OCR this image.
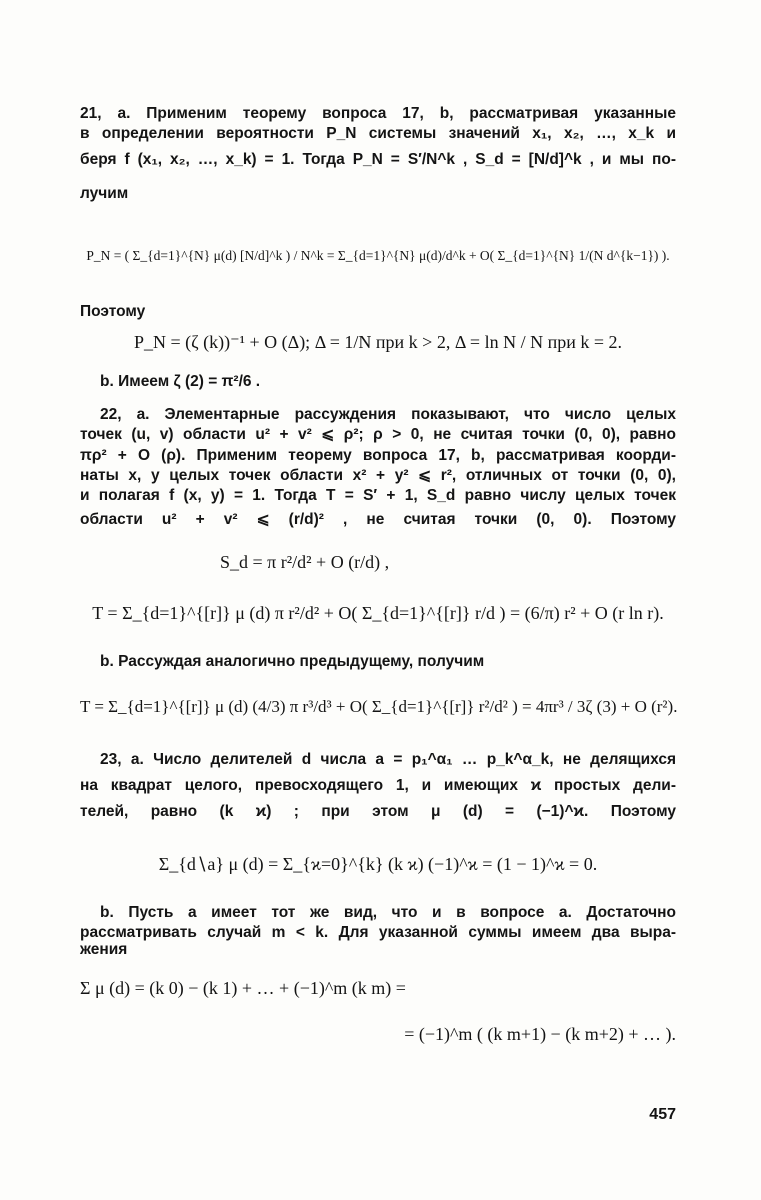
21, a. Применим теорему вопроса 17, b, рассматривая указанные
в определении вероятности P_N системы значений x₁, x₂, …, x_k и
беря f (x₁, x₂, …, x_k) = 1. Тогда P_N = S′/N^k , S_d = [N/d]^k , и мы по-
лучим
P_N = ( Σ_{d=1}^{N} μ(d) [N/d]^k ) / N^k = Σ_{d=1}^{N} μ(d)/d^k + O( Σ_{d=1}^{N} 1/(N d^{k−1}) ).
Поэтому
P_N = (ζ (k))⁻¹ + O (Δ); Δ = 1/N при k > 2, Δ = ln N / N при k = 2.
b. Имеем ζ (2) = π²/6 .
22, a. Элементарные рассуждения показывают, что число целых
точек (u, v) области u² + v² ⩽ ρ²; ρ > 0, не считая точки (0, 0), равно
πρ² + O (ρ). Применим теорему вопроса 17, b, рассматривая коорди-
наты x, y целых точек области x² + y² ⩽ r², отличных от точки (0, 0),
и полагая f (x, y) = 1. Тогда T = S′ + 1, S_d равно числу целых точек
области u² + v² ⩽ (r/d)² , не считая точки (0, 0). Поэтому
S_d = π r²/d² + O (r/d) ,
T = Σ_{d=1}^{[r]} μ (d) π r²/d² + O( Σ_{d=1}^{[r]} r/d ) = (6/π) r² + O (r ln r).
b. Рассуждая аналогично предыдущему, получим
T = Σ_{d=1}^{[r]} μ (d) (4/3) π r³/d³ + O( Σ_{d=1}^{[r]} r²/d² ) = 4πr³ / 3ζ (3) + O (r²).
23, a. Число делителей d числа a = p₁^α₁ … p_k^α_k, не делящихся
на квадрат целого, превосходящего 1, и имеющих ϰ простых дели-
телей, равно (k ϰ) ; при этом μ (d) = (−1)^ϰ. Поэтому
Σ_{d∖a} μ (d) = Σ_{ϰ=0}^{k} (k ϰ) (−1)^ϰ = (1 − 1)^ϰ = 0.
b. Пусть a имеет тот же вид, что и в вопросе a. Достаточно
рассматривать случай m < k. Для указанной суммы имеем два выра-
жения
Σ μ (d) = (k 0) − (k 1) + … + (−1)^m (k m) =
= (−1)^m ( (k m+1) − (k m+2) + … ).
457
